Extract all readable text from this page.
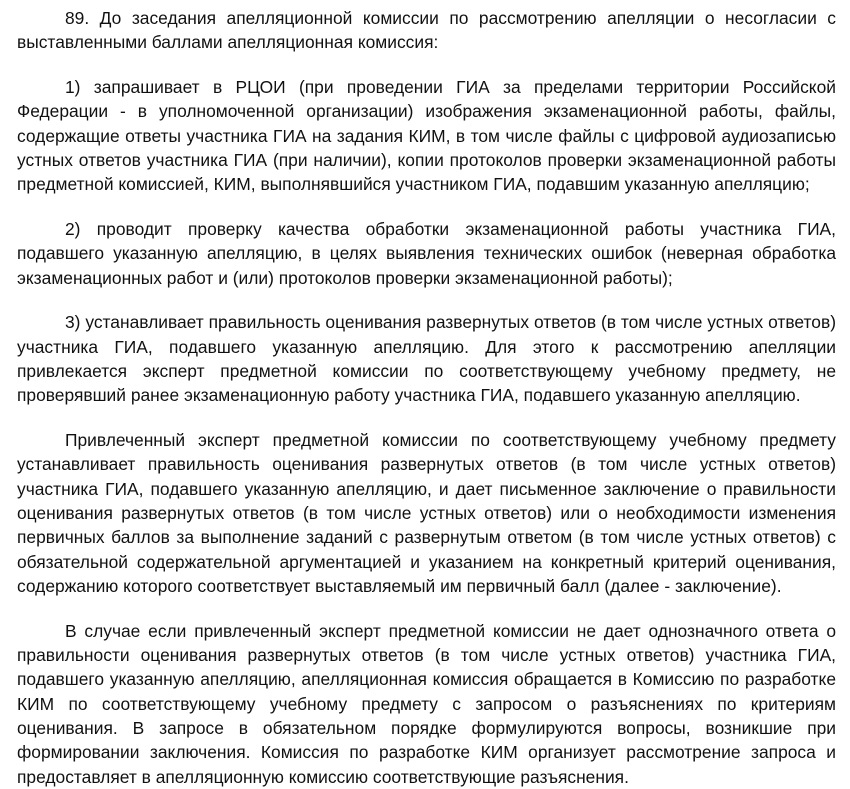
89. До заседания апелляционной комиссии по рассмотрению апелляции о несогласии с выставленными баллами апелляционная комиссия:

1) запрашивает в РЦОИ (при проведении ГИА за пределами территории Российской Федерации - в уполномоченной организации) изображения экзаменационной работы, файлы, содержащие ответы участника ГИА на задания КИМ, в том числе файлы с цифровой аудиозаписью устных ответов участника ГИА (при наличии), копии протоколов проверки экзаменационной работы предметной комиссией, КИМ, выполнявшийся участником ГИА, подавшим указанную апелляцию;

2) проводит проверку качества обработки экзаменационной работы участника ГИА, подавшего указанную апелляцию, в целях выявления технических ошибок (неверная обработка экзаменационных работ и (или) протоколов проверки экзаменационной работы);

3) устанавливает правильность оценивания развернутых ответов (в том числе устных ответов) участника ГИА, подавшего указанную апелляцию. Для этого к рассмотрению апелляции привлекается эксперт предметной комиссии по соответствующему учебному предмету, не проверявший ранее экзаменационную работу участника ГИА, подавшего указанную апелляцию.

Привлеченный эксперт предметной комиссии по соответствующему учебному предмету устанавливает правильность оценивания развернутых ответов (в том числе устных ответов) участника ГИА, подавшего указанную апелляцию, и дает письменное заключение о правильности оценивания развернутых ответов (в том числе устных ответов) или о необходимости изменения первичных баллов за выполнение заданий с развернутым ответом (в том числе устных ответов) с обязательной содержательной аргументацией и указанием на конкретный критерий оценивания, содержанию которого соответствует выставляемый им первичный балл (далее - заключение).

В случае если привлеченный эксперт предметной комиссии не дает однозначного ответа о правильности оценивания развернутых ответов (в том числе устных ответов) участника ГИА, подавшего указанную апелляцию, апелляционная комиссия обращается в Комиссию по разработке КИМ по соответствующему учебному предмету с запросом о разъяснениях по критериям оценивания. В запросе в обязательном порядке формулируются вопросы, возникшие при формировании заключения. Комиссия по разработке КИМ организует рассмотрение запроса и предоставляет в апелляционную комиссию соответствующие разъяснения.
